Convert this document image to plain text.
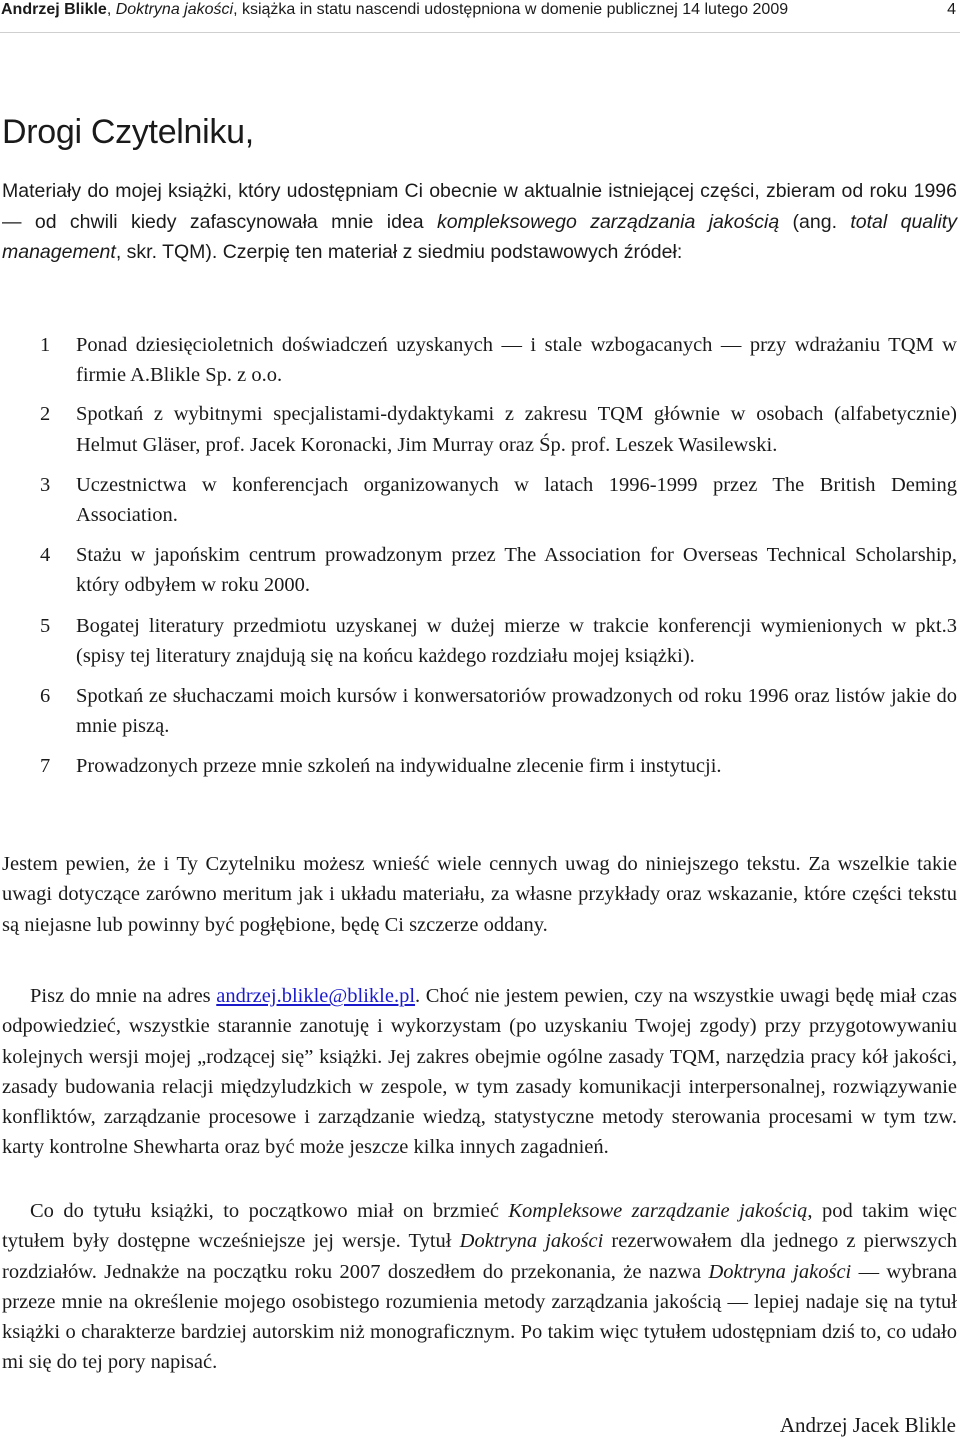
Andrzej Blikle, Doktryna jakości, książka in statu nascendi udostępniona w domenie publicznej 14 lutego 2009	4
Drogi Czytelniku,

Materiały do mojej książki, który udostępniam Ci obecnie w aktualnie istniejącej części, zbieram od roku 1996 — od chwili kiedy zafascynowała mnie idea kompleksowego zarządzania jakością (ang. total quality management, skr. TQM). Czerpię ten materiał z siedmiu podstawowych źródeł:

1 Ponad dziesięcioletnich doświadczeń uzyskanych — i stale wzbogacanych — przy wdrażaniu TQM w firmie A.Blikle Sp. z o.o.
2 Spotkań z wybitnymi specjalistami-dydaktykami z zakresu TQM głównie w osobach (alfabetycznie) Helmut Gläser, prof. Jacek Koronacki, Jim Murray oraz Śp. prof. Leszek Wasilewski.
3 Uczestnictwa w konferencjach organizowanych w latach 1996-1999 przez The British Deming Association.
4 Stażu w japońskim centrum prowadzonym przez The Association for Overseas Technical Scholarship, który odbyłem w roku 2000.
5 Bogatej literatury przedmiotu uzyskanej w dużej mierze w trakcie konferencji wymienionych w pkt.3 (spisy tej literatury znajdują się na końcu każdego rozdziału mojej książki).
6 Spotkań ze słuchaczami moich kursów i konwersatoriów prowadzonych od roku 1996 oraz listów jakie do mnie piszą.
7 Prowadzonych przeze mnie szkoleń na indywidualne zlecenie firm i instytucji.

Jestem pewien, że i Ty Czytelniku możesz wnieść wiele cennych uwag do niniejszego tekstu. Za wszelkie takie uwagi dotyczące zarówno meritum jak i układu materiału, za własne przykłady oraz wskazanie, które części tekstu są niejasne lub powinny być pogłębione, będę Ci szczerze oddany.

Pisz do mnie na adres andrzej.blikle@blikle.pl. Choć nie jestem pewien, czy na wszystkie uwagi będę miał czas odpowiedzieć, wszystkie starannie zanotuję i wykorzystam (po uzyskaniu Twojej zgody) przy przygotowywaniu kolejnych wersji mojej „rodzącej się” książki. Jej zakres obejmie ogólne zasady TQM, narzędzia pracy kół jakości, zasady budowania relacji międzyludzkich w zespole, w tym zasady komunikacji interpersonalnej, rozwiązywanie konfliktów, zarządzanie procesowe i zarządzanie wiedzą, statystyczne metody sterowania procesami w tym tzw. karty kontrolne Shewharta oraz być może jeszcze kilka innych zagadnień.

Co do tytułu książki, to początkowo miał on brzmieć Kompleksowe zarządzanie jakością, pod takim więc tytułem były dostępne wcześniejsze jej wersje. Tytuł Doktryna jakości rezerwowałem dla jednego z pierwszych rozdziałów. Jednakże na początku roku 2007 doszedłem do przekonania, że nazwa Doktryna jakości — wybrana przeze mnie na określenie mojego osobistego rozumienia metody zarządzania jakością — lepiej nadaje się na tytuł książki o charakterze bardziej autorskim niż monograficznym. Po takim więc tytułem udostępniam dziś to, co udało mi się do tej pory napisać.

Andrzej Jacek Blikle
